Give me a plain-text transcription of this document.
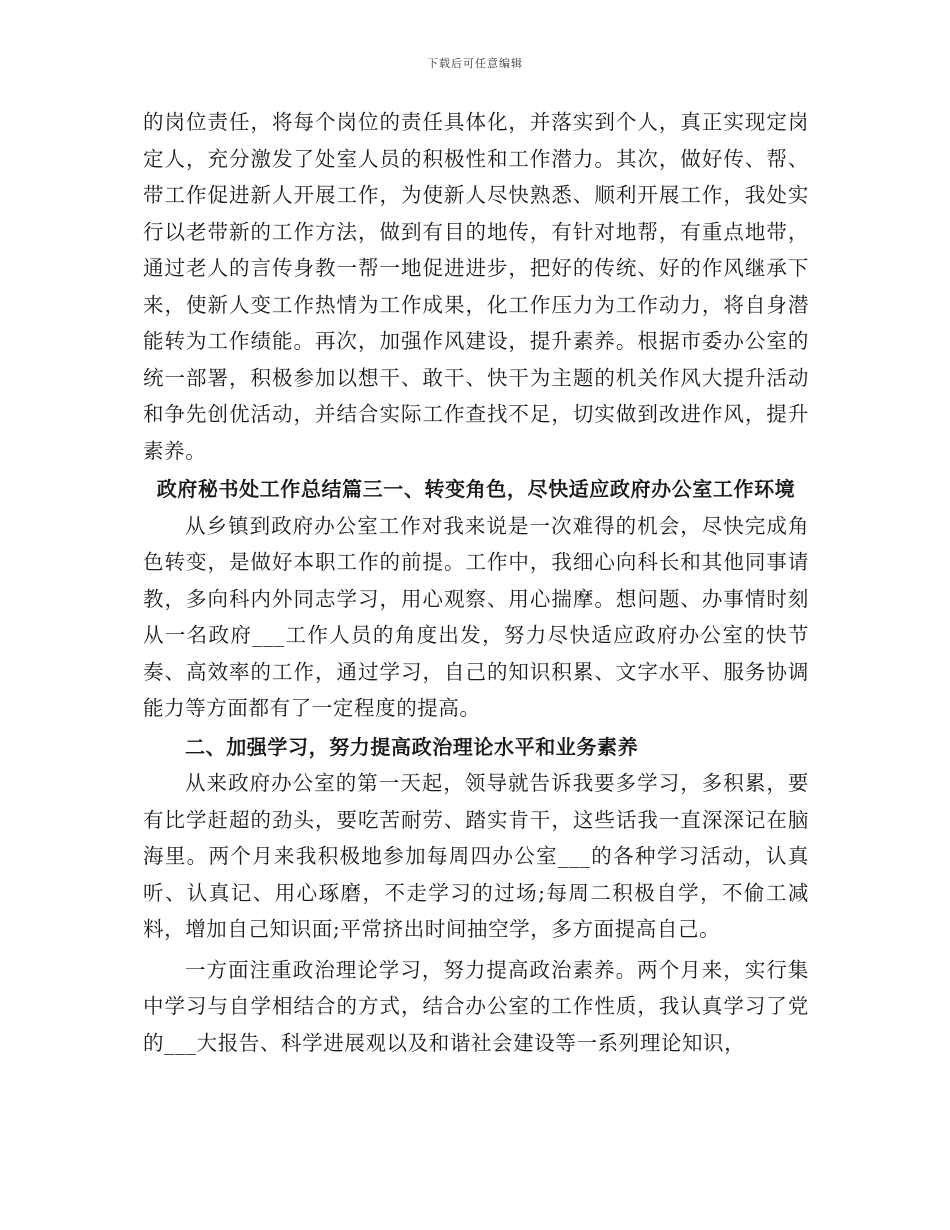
下载后可任意编辑

的岗位责任，将每个岗位的责任具体化，并落实到个人，真正实现定岗定人，充分激发了处室人员的积极性和工作潜力。其次，做好传、帮、带工作促进新人开展工作，为使新人尽快熟悉、顺利开展工作，我处实行以老带新的工作方法，做到有目的地传，有针对地帮，有重点地带，通过老人的言传身教一帮一地促进进步，把好的传统、好的作风继承下来，使新人变工作热情为工作成果，化工作压力为工作动力，将自身潜能转为工作绩能。再次，加强作风建设，提升素养。根据市委办公室的统一部署，积极参加以想干、敢干、快干为主题的机关作风大提升活动和争先创优活动，并结合实际工作查找不足，切实做到改进作风，提升素养。

政府秘书处工作总结篇三一、转变角色，尽快适应政府办公室工作环境

从乡镇到政府办公室工作对我来说是一次难得的机会，尽快完成角色转变，是做好本职工作的前提。工作中，我细心向科长和其他同事请教，多向科内外同志学习，用心观察、用心揣摩。想问题、办事情时刻从一名政府___工作人员的角度出发，努力尽快适应政府办公室的快节奏、高效率的工作，通过学习，自己的知识积累、文字水平、服务协调能力等方面都有了一定程度的提高。

二、加强学习，努力提高政治理论水平和业务素养

从来政府办公室的第一天起，领导就告诉我要多学习，多积累，要有比学赶超的劲头，要吃苦耐劳、踏实肯干，这些话我一直深深记在脑海里。两个月来我积极地参加每周四办公室___的各种学习活动，认真听、认真记、用心琢磨，不走学习的过场;每周二积极自学，不偷工减料，增加自己知识面;平常挤出时间抽空学，多方面提高自己。

一方面注重政治理论学习，努力提高政治素养。两个月来，实行集中学习与自学相结合的方式，结合办公室的工作性质，我认真学习了党的___大报告、科学进展观以及和谐社会建设等一系列理论知识，
